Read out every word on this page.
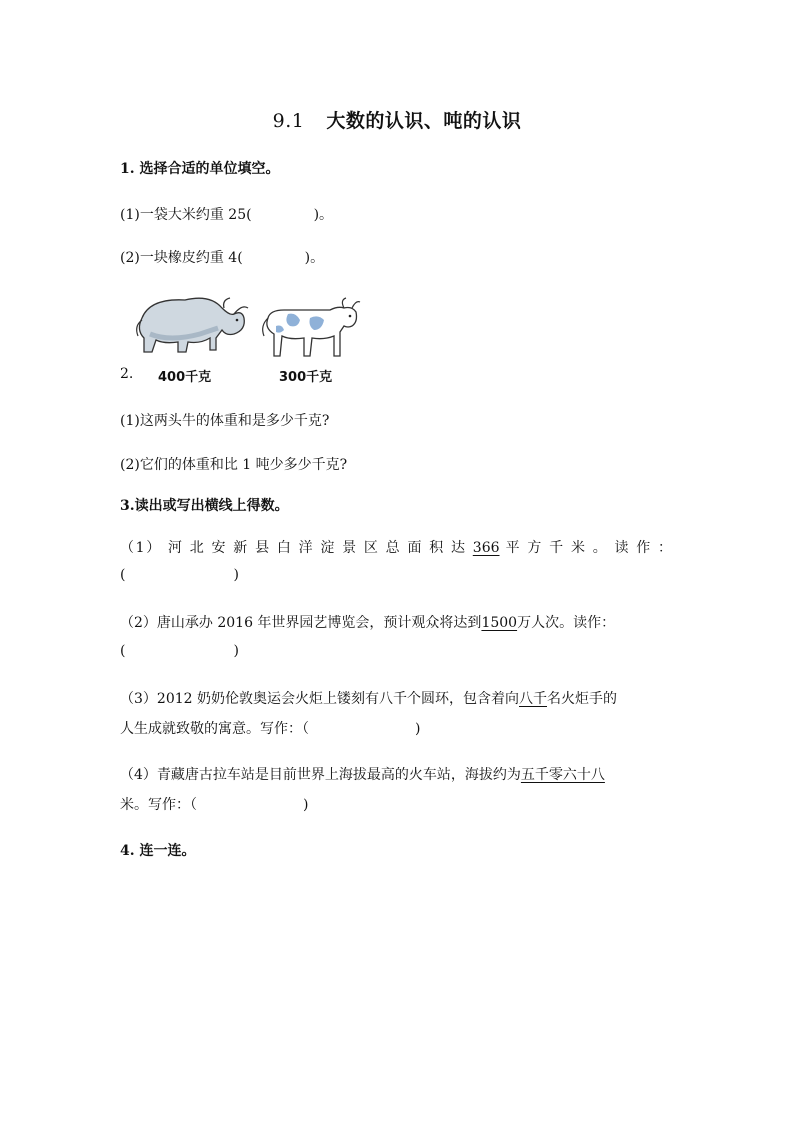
9.1 大数的认识、吨的认识
1. 选择合适的单位填空。
(1)一袋大米约重 25(	)。
(2)一块橡皮约重 4(	)。
2. 400千克	300千克
(1)这两头牛的体重和是多少千克?
(2)它们的体重和比 1 吨少多少千克?
3.读出或写出横线上得数。
（1） 河 北 安 新 县 白 洋 淀 景 区 总 面 积 达 366 平 方 千 米 。 读 作 ：
(	)
（2）唐山承办 2016 年世界园艺博览会，预计观众将达到1500万人次。读作：
(	)
（3）2012 奶奶伦敦奥运会火炬上镂刻有八千个圆环，包含着向八千名火炬手的
人生成就致敬的寓意。写作：（	)
（4）青藏唐古拉车站是目前世界上海拔最高的火车站，海拔约为五千零六十八
米。写作：（	)
4. 连一连。
